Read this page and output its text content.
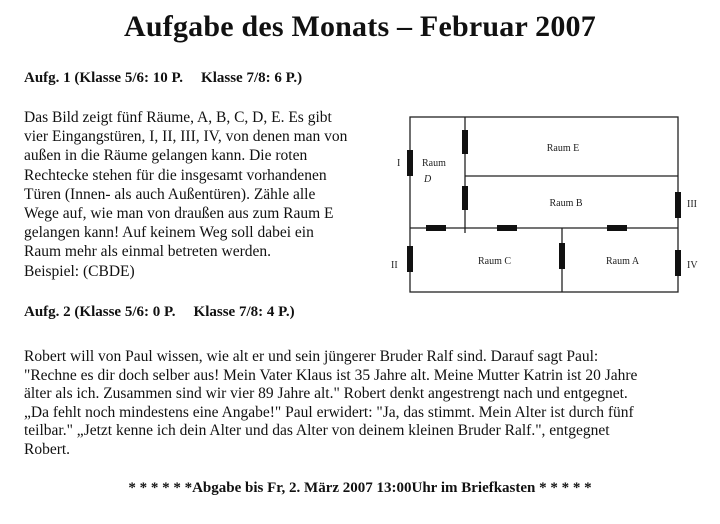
Aufgabe des Monats – Februar 2007
Aufg. 1 (Klasse 5/6: 10 P. Klasse 7/8: 6 P.)
Das Bild zeigt fünf Räume, A, B, C, D, E. Es gibt
vier Eingangstüren, I, II, III, IV, von denen man von
außen in die Räume gelangen kann. Die roten
Rechtecke stehen für die insgesamt vorhandenen
Türen (Innen- als auch Außentüren). Zähle alle
Wege auf, wie man von draußen aus zum Raum E
gelangen kann! Auf keinem Weg soll dabei ein
Raum mehr als einmal betreten werden.
Beispiel: (CBDE)
Raum E
Raum
D
Raum B
Raum C	Raum A
I
II
III
IV
Aufg. 2 (Klasse 5/6: 0 P. Klasse 7/8: 4 P.)
Robert will von Paul wissen, wie alt er und sein jüngerer Bruder Ralf sind. Darauf sagt Paul:
"Rechne es dir doch selber aus! Mein Vater Klaus ist 35 Jahre alt. Meine Mutter Katrin ist 20 Jahre
älter als ich. Zusammen sind wir vier 89 Jahre alt." Robert denkt angestrengt nach und entgegnet.
„Da fehlt noch mindestens eine Angabe!" Paul erwidert: "Ja, das stimmt. Mein Alter ist durch fünf
teilbar." „Jetzt kenne ich dein Alter und das Alter von deinem kleinen Bruder Ralf.", entgegnet
Robert.
* * * * * *Abgabe bis Fr, 2. März 2007 13:00Uhr im Briefkasten * * * * *
